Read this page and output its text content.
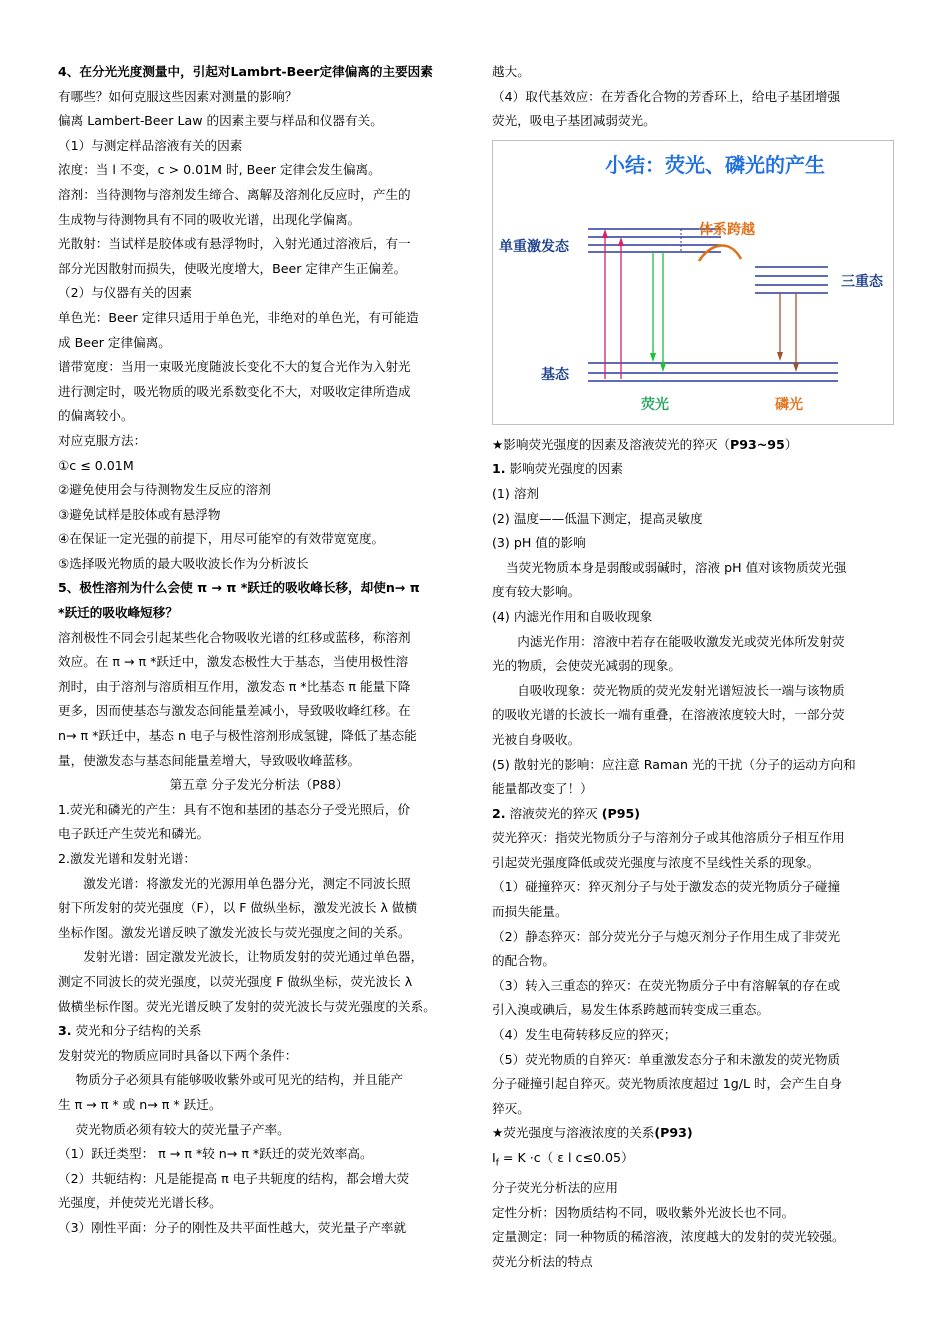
4、在分光光度测量中，引起对Lambrt-Beer定律偏离的主要因素

有哪些？如何克服这些因素对测量的影响？

偏离 Lambert-Beer Law 的因素主要与样品和仪器有关。

（1）与测定样品溶液有关的因素

浓度：当 l 不变，c > 0.01M 时, Beer 定律会发生偏离。

溶剂：当待测物与溶剂发生缔合、离解及溶剂化反应时，产生的

生成物与待测物具有不同的吸收光谱，出现化学偏离。

光散射：当试样是胶体或有悬浮物时，入射光通过溶液后，有一

部分光因散射而损失，使吸光度增大，Beer 定律产生正偏差。

（2）与仪器有关的因素

单色光：Beer 定律只适用于单色光，非绝对的单色光，有可能造

成 Beer 定律偏离。

谱带宽度：当用一束吸光度随波长变化不大的复合光作为入射光

进行测定时，吸光物质的吸光系数变化不大，对吸收定律所造成

的偏离较小。

对应克服方法：

①c ≤ 0.01M

②避免使用会与待测物发生反应的溶剂

③避免试样是胶体或有悬浮物

④在保证一定光强的前提下，用尽可能窄的有效带宽宽度。

⑤选择吸光物质的最大吸收波长作为分析波长

5、极性溶剂为什么会使 π → π *跃迁的吸收峰长移，却使n→ π

*跃迁的吸收峰短移？

溶剂极性不同会引起某些化合物吸收光谱的红移或蓝移，称溶剂

效应。在 π → π *跃迁中，激发态极性大于基态，当使用极性溶

剂时，由于溶剂与溶质相互作用，激发态 π *比基态 π 能量下降

更多，因而使基态与激发态间能量差减小，导致吸收峰红移。在

n→ π *跃迁中，基态 n 电子与极性溶剂形成氢键，降低了基态能

量，使激发态与基态间能量差增大，导致吸收峰蓝移。

第五章 分子发光分析法（P88）

1.荧光和磷光的产生：具有不饱和基团的基态分子受光照后，价

电子跃迁产生荧光和磷光。

2.激发光谱和发射光谱：

激发光谱：将激发光的光源用单色器分光，测定不同波长照

射下所发射的荧光强度（F），以 F 做纵坐标，激发光波长 λ 做横

坐标作图。激发光谱反映了激发光波长与荧光强度之间的关系。

发射光谱：固定激发光波长，让物质发射的荧光通过单色器，

测定不同波长的荧光强度，以荧光强度 F 做纵坐标，荧光波长 λ

做横坐标作图。荧光光谱反映了发射的荧光波长与荧光强度的关系。

3. 荧光和分子结构的关系

发射荧光的物质应同时具备以下两个条件：

物质分子必须具有能够吸收紫外或可见光的结构，并且能产

生 π → π * 或 n→ π * 跃迁。

荧光物质必须有较大的荧光量子产率。

（1）跃迁类型： π → π *较 n→ π *跃迁的荧光效率高。

（2）共轭结构：凡是能提高 π 电子共轭度的结构，都会增大荧

光强度，并使荧光光谱长移。

（3）刚性平面：分子的刚性及共平面性越大，荧光量子产率就

越大。

（4）取代基效应：在芳香化合物的芳香环上，给电子基团增强

荧光，吸电子基团减弱荧光。

小结：荧光、磷光的产生
单重激发态
体系跨越
三重态
基态
荧光	磷光

★影响荧光强度的因素及溶液荧光的猝灭（P93~95）

1. 影响荧光强度的因素

(1) 溶剂

(2) 温度——低温下测定，提高灵敏度

(3) pH 值的影响

当荧光物质本身是弱酸或弱碱时，溶液 pH 值对该物质荧光强

度有较大影响。

(4) 内滤光作用和自吸收现象

内滤光作用：溶液中若存在能吸收激发光或荧光体所发射荧

光的物质，会使荧光减弱的现象。

自吸收现象：荧光物质的荧光发射光谱短波长一端与该物质

的吸收光谱的长波长一端有重叠，在溶液浓度较大时，一部分荧

光被自身吸收。

(5) 散射光的影响：应注意 Raman 光的干扰（分子的运动方向和

能量都改变了！）

2. 溶液荧光的猝灭 (P95)

荧光猝灭：指荧光物质分子与溶剂分子或其他溶质分子相互作用

引起荧光强度降低或荧光强度与浓度不呈线性关系的现象。

（1）碰撞猝灭：猝灭剂分子与处于激发态的荧光物质分子碰撞

而损失能量。

（2）静态猝灭：部分荧光分子与熄灭剂分子作用生成了非荧光

的配合物。

（3）转入三重态的猝灭：在荧光物质分子中有溶解氧的存在或

引入溴或碘后，易发生体系跨越而转变成三重态。

（4）发生电荷转移反应的猝灭；

（5）荧光物质的自猝灭：单重激发态分子和未激发的荧光物质

分子碰撞引起自猝灭。荧光物质浓度超过 1g/L 时，会产生自身

猝灭。

★荧光强度与溶液浓度的关系(P93)

$I_f = K \cdot c$（ ε l c≤0.05）

分子荧光分析法的应用

定性分析：因物质结构不同，吸收紫外光波长也不同。

定量测定：同一种物质的稀溶液，浓度越大的发射的荧光较强。

荧光分析法的特点
